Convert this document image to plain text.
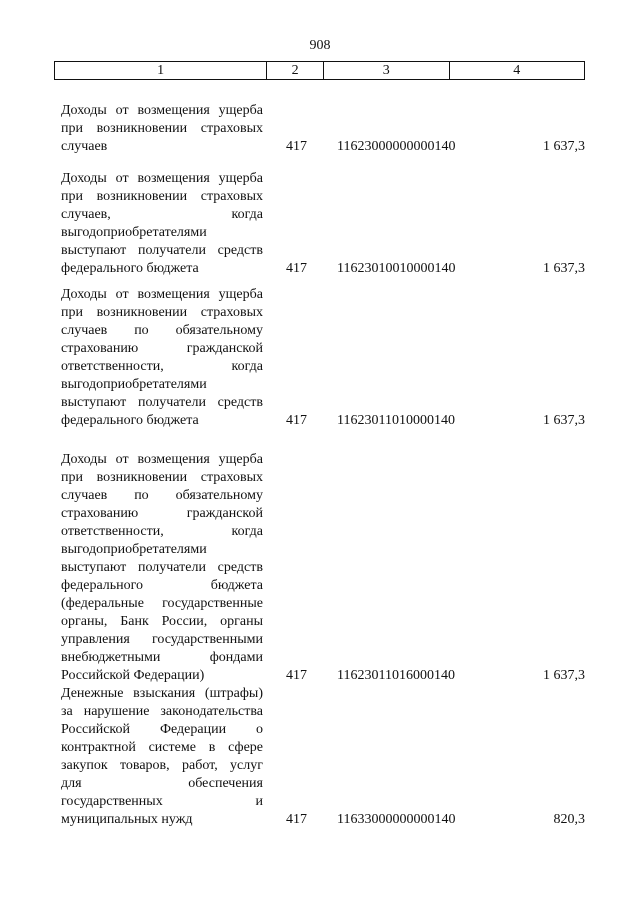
908
1	2	3	4
Доходы от возмещения ущерба
при возникновении страховых
случаев	417 11623000000000140	1 637,3
Доходы от возмещения ущерба
при возникновении страховых
случаев,	когда
выгодоприобретателями
выступают получатели средств
федерального бюджета	417 11623010010000140	1 637,3
Доходы от возмещения ущерба
при возникновении страховых
случаев по обязательному
страхованию	гражданской
ответственности,	когда
выгодоприобретателями
выступают получатели средств
федерального бюджета	417 11623011010000140	1 637,3
Доходы от возмещения ущерба
при возникновении страховых
случаев по обязательному
страхованию	гражданской
ответственности,	когда
выгодоприобретателями
выступают получатели средств
федерального	бюджета
(федеральные государственные
органы, Банк России, органы
управления государственными
внебюджетными	фондами
Российской Федерации)	417 11623011016000140	1 637,3
Денежные взыскания (штрафы)
за нарушение законодательства
Российской Федерации о
контрактной системе в сфере
закупок товаров, работ, услуг
для	обеспечения
государственных	и
муниципальных нужд	417 11633000000000140	820,3
